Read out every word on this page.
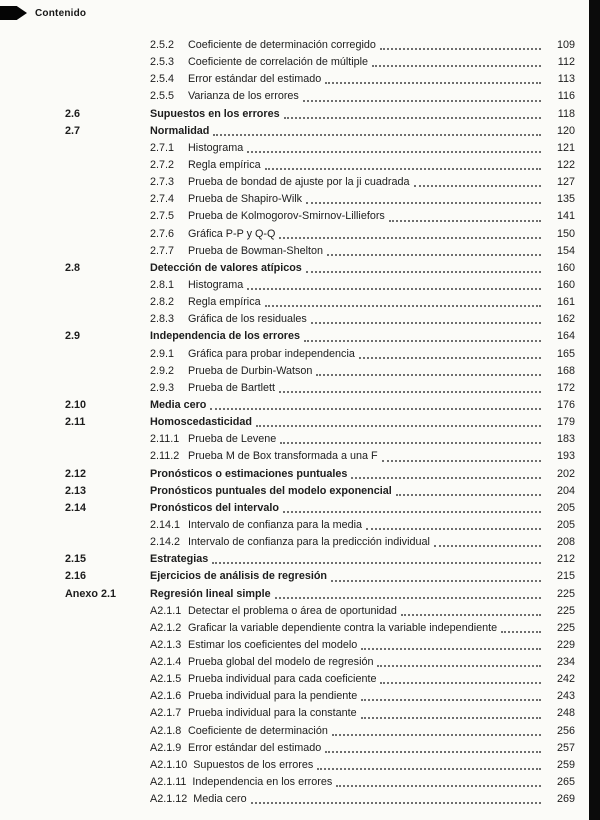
Contenido
2.5.2	Coeficiente de determinación corregido	109
2.5.3	Coeficiente de correlación de múltiple	112
2.5.4	Error estándar del estimado	113
2.5.5	Varianza de los errores	116
2.6	Supuestos en los errores	118
2.7	Normalidad	120
2.7.1	Histograma	121
2.7.2	Regla empírica	122
2.7.3	Prueba de bondad de ajuste por la ji cuadrada	127
2.7.4	Prueba de Shapiro-Wilk	135
2.7.5	Prueba de Kolmogorov-Smirnov-Lilliefors	141
2.7.6	Gráfica P-P y Q-Q	150
2.7.7	Prueba de Bowman-Shelton	154
2.8	Detección de valores atípicos	160
2.8.1	Histograma	160
2.8.2	Regla empírica	161
2.8.3	Gráfica de los residuales	162
2.9	Independencia de los errores	164
2.9.1	Gráfica para probar independencia	165
2.9.2	Prueba de Durbin-Watson	168
2.9.3	Prueba de Bartlett	172
2.10	Media cero	176
2.11	Homoscedasticidad	179
2.11.1 Prueba de Levene	183
2.11.2 Prueba M de Box transformada a una F	193
2.12	Pronósticos o estimaciones puntuales	202
2.13	Pronósticos puntuales del modelo exponencial	204
2.14	Pronósticos del intervalo	205
2.14.1 Intervalo de confianza para la media	205
2.14.2 Intervalo de confianza para la predicción individual	208
2.15	Estrategias	212
2.16	Ejercicios de análisis de regresión	215
Anexo 2.1	Regresión lineal simple	225
A2.1.1 Detectar el problema o área de oportunidad	225
A2.1.2 Graficar la variable dependiente contra la variable independiente	225
A2.1.3 Estimar los coeficientes del modelo	229
A2.1.4 Prueba global del modelo de regresión	234
A2.1.5 Prueba individual para cada coeficiente	242
A2.1.6 Prueba individual para la pendiente	243
A2.1.7 Prueba individual para la constante	248
A2.1.8 Coeficiente de determinación	256
A2.1.9 Error estándar del estimado	257
A2.1.10 Supuestos de los errores	259
A2.1.11 Independencia en los errores	265
A2.1.12 Media cero	269
